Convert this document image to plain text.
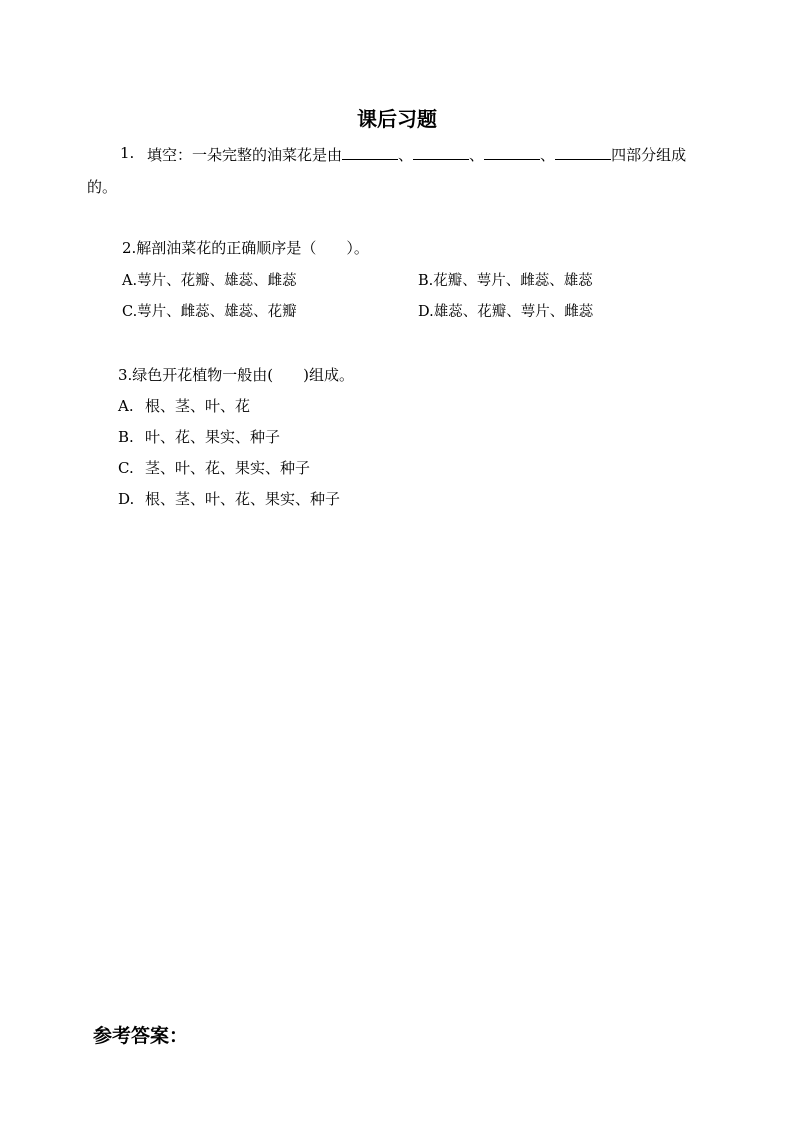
课后习题
1. 填空：一朵完整的油菜花是由	、	、	、	四部分组成
的。
2.解剖油菜花的正确顺序是（　　）。
A.萼片、花瓣、雄蕊、雌蕊	B.花瓣、萼片、雌蕊、雄蕊
C.萼片、雌蕊、雄蕊、花瓣	D.雄蕊、花瓣、萼片、雌蕊
3.绿色开花植物一般由(　　)组成。
A. 根、茎、叶、花
B. 叶、花、果实、种子
C. 茎、叶、花、果实、种子
D. 根、茎、叶、花、果实、种子
参考答案：
